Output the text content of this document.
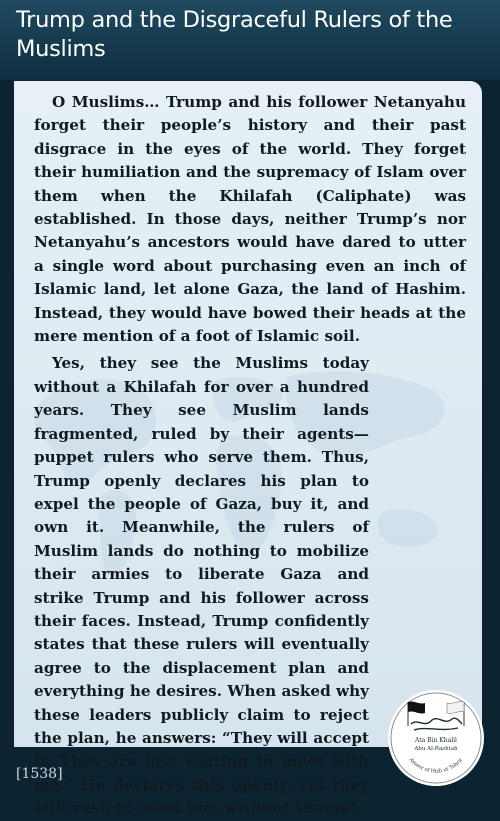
Trump and the Disgraceful Rulers of the Muslims

O Muslims… Trump and his follower Netanyahu forget their people’s history and their past disgrace in the eyes of the world. They forget their humiliation and the supremacy of Islam over them when the Khilafah (Caliphate) was established. In those days, neither Trump’s nor Netanyahu’s ancestors would have dared to utter a single word about purchasing even an inch of Islamic land, let alone Gaza, the land of Hashim. Instead, they would have bowed their heads at the mere mention of a foot of Islamic soil.

Yes, they see the Muslims today without a Khilafah for over a hundred years. They see Muslim lands fragmented, ruled by their agents—puppet rulers who serve them. Thus, Trump openly declares his plan to expel the people of Gaza, buy it, and own it. Meanwhile, the rulers of Muslim lands do nothing to mobilize their armies to liberate Gaza and strike Trump and his follower across their faces. Instead, Trump confidently states that these rulers will eventually agree to the displacement plan and everything he desires. When asked why these leaders publicly claim to reject the plan, he answers: “They will accept it. They are just waiting to meet with me.” He declares this openly, yet they still rush to meet him without shame!

Ata Bin Khalil
Abu Al-Rashtah
Ameer of Hizb ut Tahrir
[1538]
